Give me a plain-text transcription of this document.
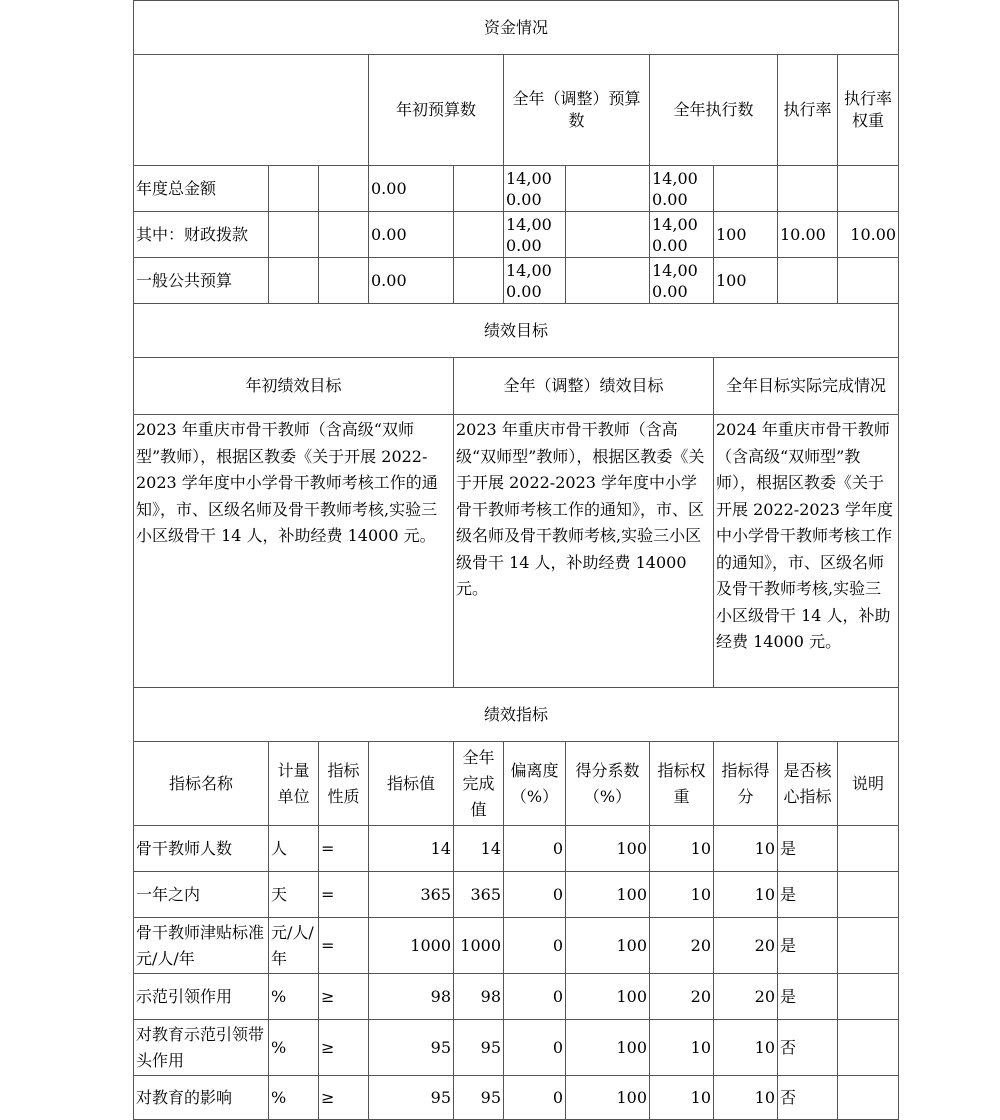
资金情况											
			年初预算数		全年（调整）预算数		全年执行数		执行率	执行率权重	
年度总金额			0.00		14,000.00		14,000.00				
其中：财政拨款			0.00		14,000.00		14,000.00	100	10.00	10.00	
一般公共预算			0.00		14,000.00		14,000.00	100			
绩效目标											
年初绩效目标				全年（调整）绩效目标				全年目标实际完成情况			
2023 年重庆市骨干教师（含高级“双师型”教师），根据区教委《关于开展 2022-2023 学年度中小学骨干教师考核工作的通知》，市、区级名师及骨干教师考核,实验三小区级骨干 14 人，补助经费 14000 元。				2023 年重庆市骨干教师（含高级“双师型”教师），根据区教委《关于开展 2022-2023 学年度中小学骨干教师考核工作的通知》，市、区级名师及骨干教师考核,实验三小区级骨干 14 人，补助经费 14000 元。				2024 年重庆市骨干教师（含高级“双师型”教师），根据区教委《关于开展 2022-2023 学年度中小学骨干教师考核工作的通知》，市、区级名师及骨干教师考核,实验三小区级骨干 14 人，补助经费 14000 元。			
绩效指标											
指标名称	计量单位	指标性质	指标值	全年完成值	偏离度（%）	得分系数（%）	指标权重	指标得分	是否核心指标	说明	
骨干教师人数	人	=	14	14	0	100	10	10	是		
一年之内	天	=	365	365	0	100	10	10	是		
骨干教师津贴标准元/人/年	元/人/年	=	1000	1000	0	100	20	20	是		
示范引领作用	%	≥	98	98	0	100	20	20	是		
对教育示范引领带头作用	%	≥	95	95	0	100	10	10	否		
对教育的影响	%	≥	95	95	0	100	10	10	否		
